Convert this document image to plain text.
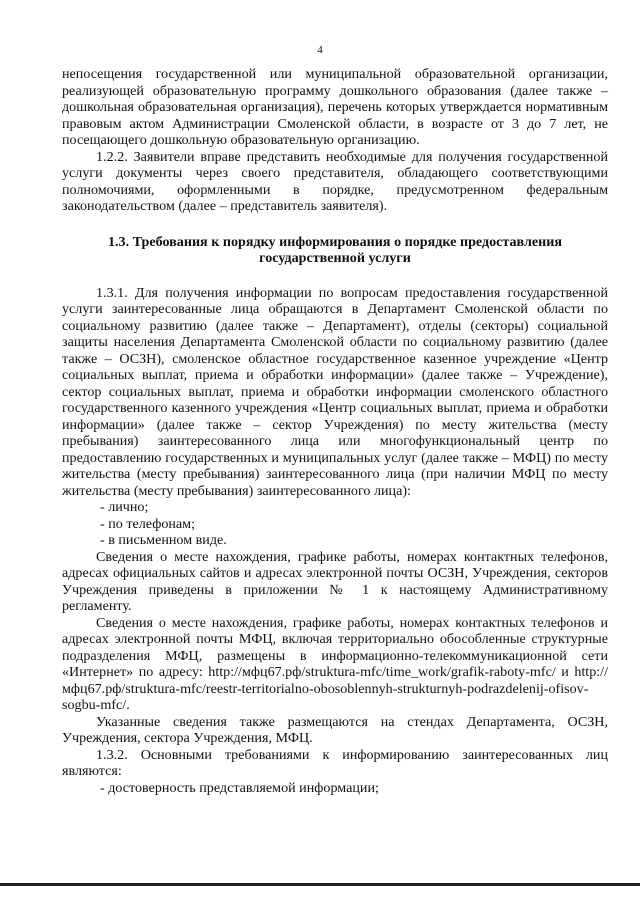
4

непосещения государственной или муниципальной образовательной организации, реализующей образовательную программу дошкольного образования (далее также – дошкольная образовательная организация), перечень которых утверждается нормативным правовым актом Администрации Смоленской области, в возрасте от 3 до 7 лет, не посещающего дошкольную образовательную организацию.

1.2.2. Заявители вправе представить необходимые для получения государственной услуги документы через своего представителя, обладающего соответствующими полномочиями, оформленными в порядке, предусмотренном федеральным законодательством (далее – представитель заявителя).

1.3. Требования к порядку информирования о порядке предоставления государственной услуги

1.3.1. Для получения информации по вопросам предоставления государственной услуги заинтересованные лица обращаются в Департамент Смоленской области по социальному развитию (далее также – Департамент), отделы (секторы) социальной защиты населения Департамента Смоленской области по социальному развитию (далее также – ОСЗН), смоленское областное государственное казенное учреждение «Центр социальных выплат, приема и обработки информации» (далее также – Учреждение), сектор социальных выплат, приема и обработки информации смоленского областного государственного казенного учреждения «Центр социальных выплат, приема и обработки информации» (далее также – сектор Учреждения) по месту жительства (месту пребывания) заинтересованного лица или многофункциональный центр по предоставлению государственных и муниципальных услуг (далее также – МФЦ) по месту жительства (месту пребывания) заинтересованного лица (при наличии МФЦ по месту жительства (месту пребывания) заинтересованного лица):

- лично;

- по телефонам;

- в письменном виде.

Сведения о месте нахождения, графике работы, номерах контактных телефонов, адресах официальных сайтов и адресах электронной почты ОСЗН, Учреждения, секторов Учреждения приведены в приложении № 1 к настоящему Административному регламенту.

Сведения о месте нахождения, графике работы, номерах контактных телефонов и адресах электронной почты МФЦ, включая территориально обособленные структурные подразделения МФЦ, размещены в информационно-телекоммуникационной сети «Интернет» по адресу: http://мфц67.рф/struktura-mfc/time_work/grafik-raboty-mfc/ и http://мфц67.рф/struktura-mfc/reestr-territorialno-obosoblennyh-strukturnyh-podrazdelenij-ofisov-sogbu-mfc/.

Указанные сведения также размещаются на стендах Департамента, ОСЗН, Учреждения, сектора Учреждения, МФЦ.

1.3.2. Основными требованиями к информированию заинтересованных лиц являются:

- достоверность представляемой информации;
